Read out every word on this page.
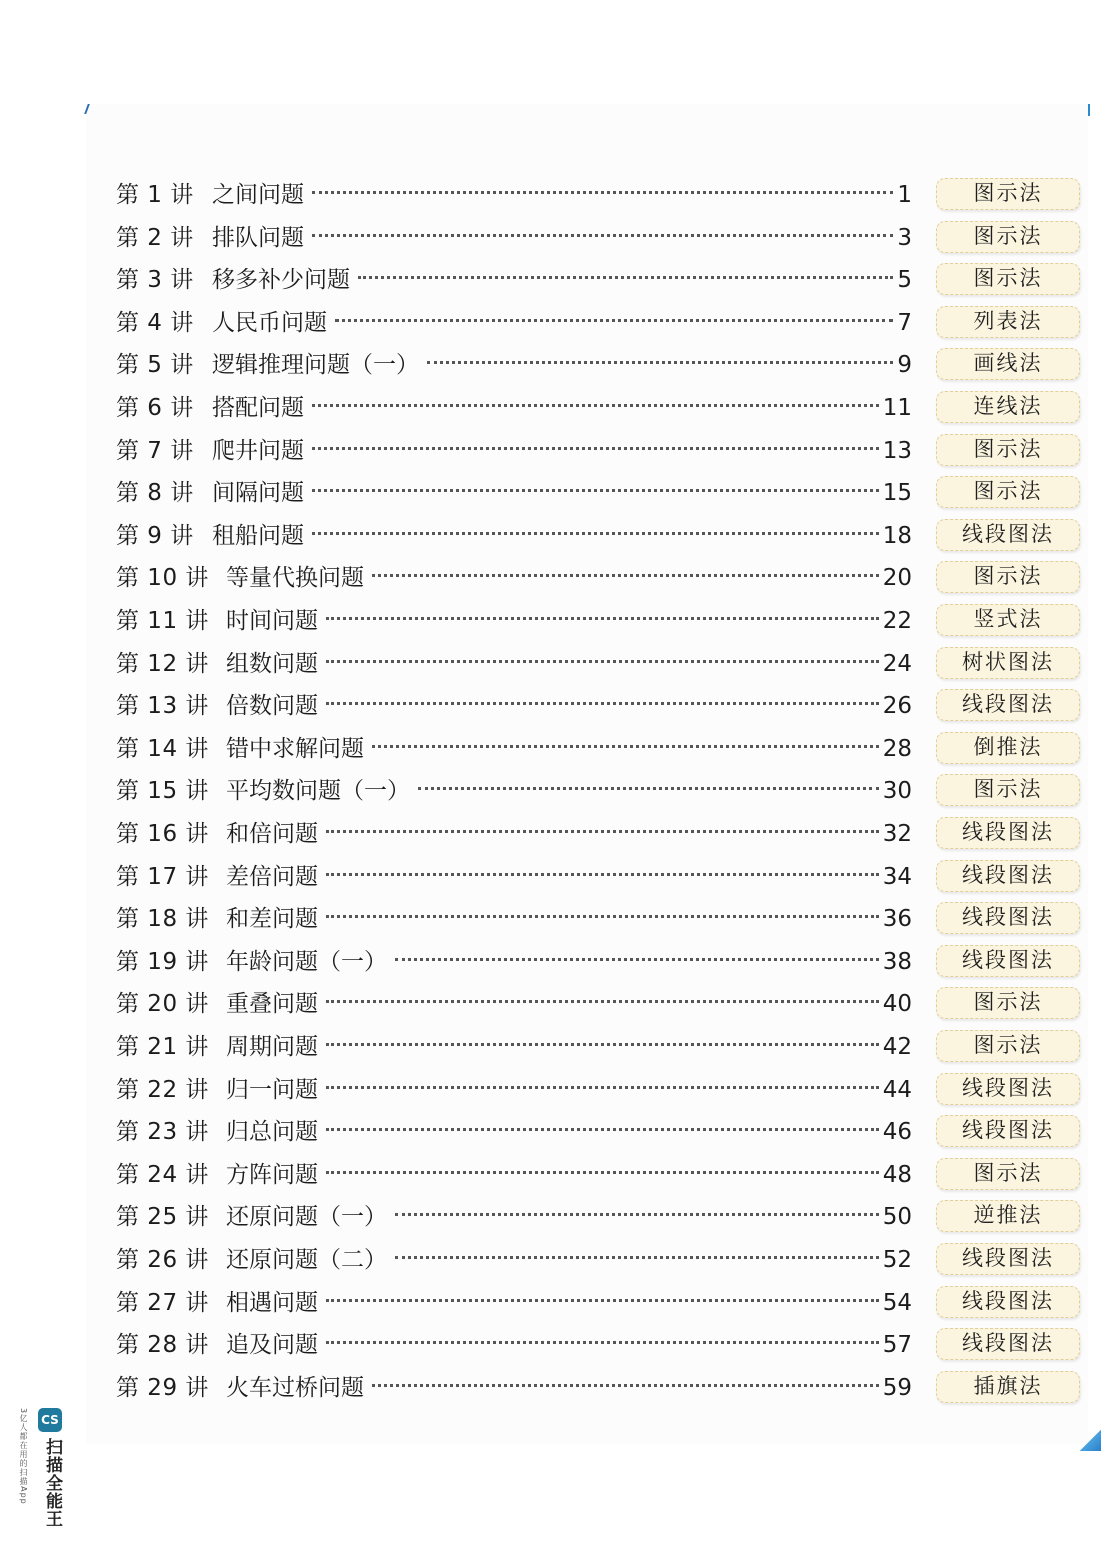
第 1 讲 之间问题	1	图示法
第 2 讲 排队问题	3	图示法
第 3 讲 移多补少问题	5	图示法
第 4 讲 人民币问题	7	列表法
第 5 讲 逻辑推理问题（一）	9	画线法
第 6 讲 搭配问题	11	连线法
第 7 讲 爬井问题	13	图示法
第 8 讲 间隔问题	15	图示法
第 9 讲 租船问题	18	线段图法
第 10 讲 等量代换问题	20	图示法
第 11 讲 时间问题	22	竖式法
第 12 讲 组数问题	24	树状图法
第 13 讲 倍数问题	26	线段图法
第 14 讲 错中求解问题	28	倒推法
第 15 讲 平均数问题（一）	30	图示法
第 16 讲 和倍问题	32	线段图法
第 17 讲 差倍问题	34	线段图法
第 18 讲 和差问题	36	线段图法
第 19 讲 年龄问题（一）	38	线段图法
第 20 讲 重叠问题	40	图示法
第 21 讲 周期问题	42	图示法
第 22 讲 归一问题	44	线段图法
第 23 讲 归总问题	46	线段图法
第 24 讲 方阵问题	48	图示法
第 25 讲 还原问题（一）	50	逆推法
第 26 讲 还原问题（二）	52	线段图法
第 27 讲 相遇问题	54	线段图法
第 28 讲 追及问题	57	线段图法
第 29 讲 火车过桥问题	59	插旗法
CS
扫描全能王
3亿人都在用的扫描App
